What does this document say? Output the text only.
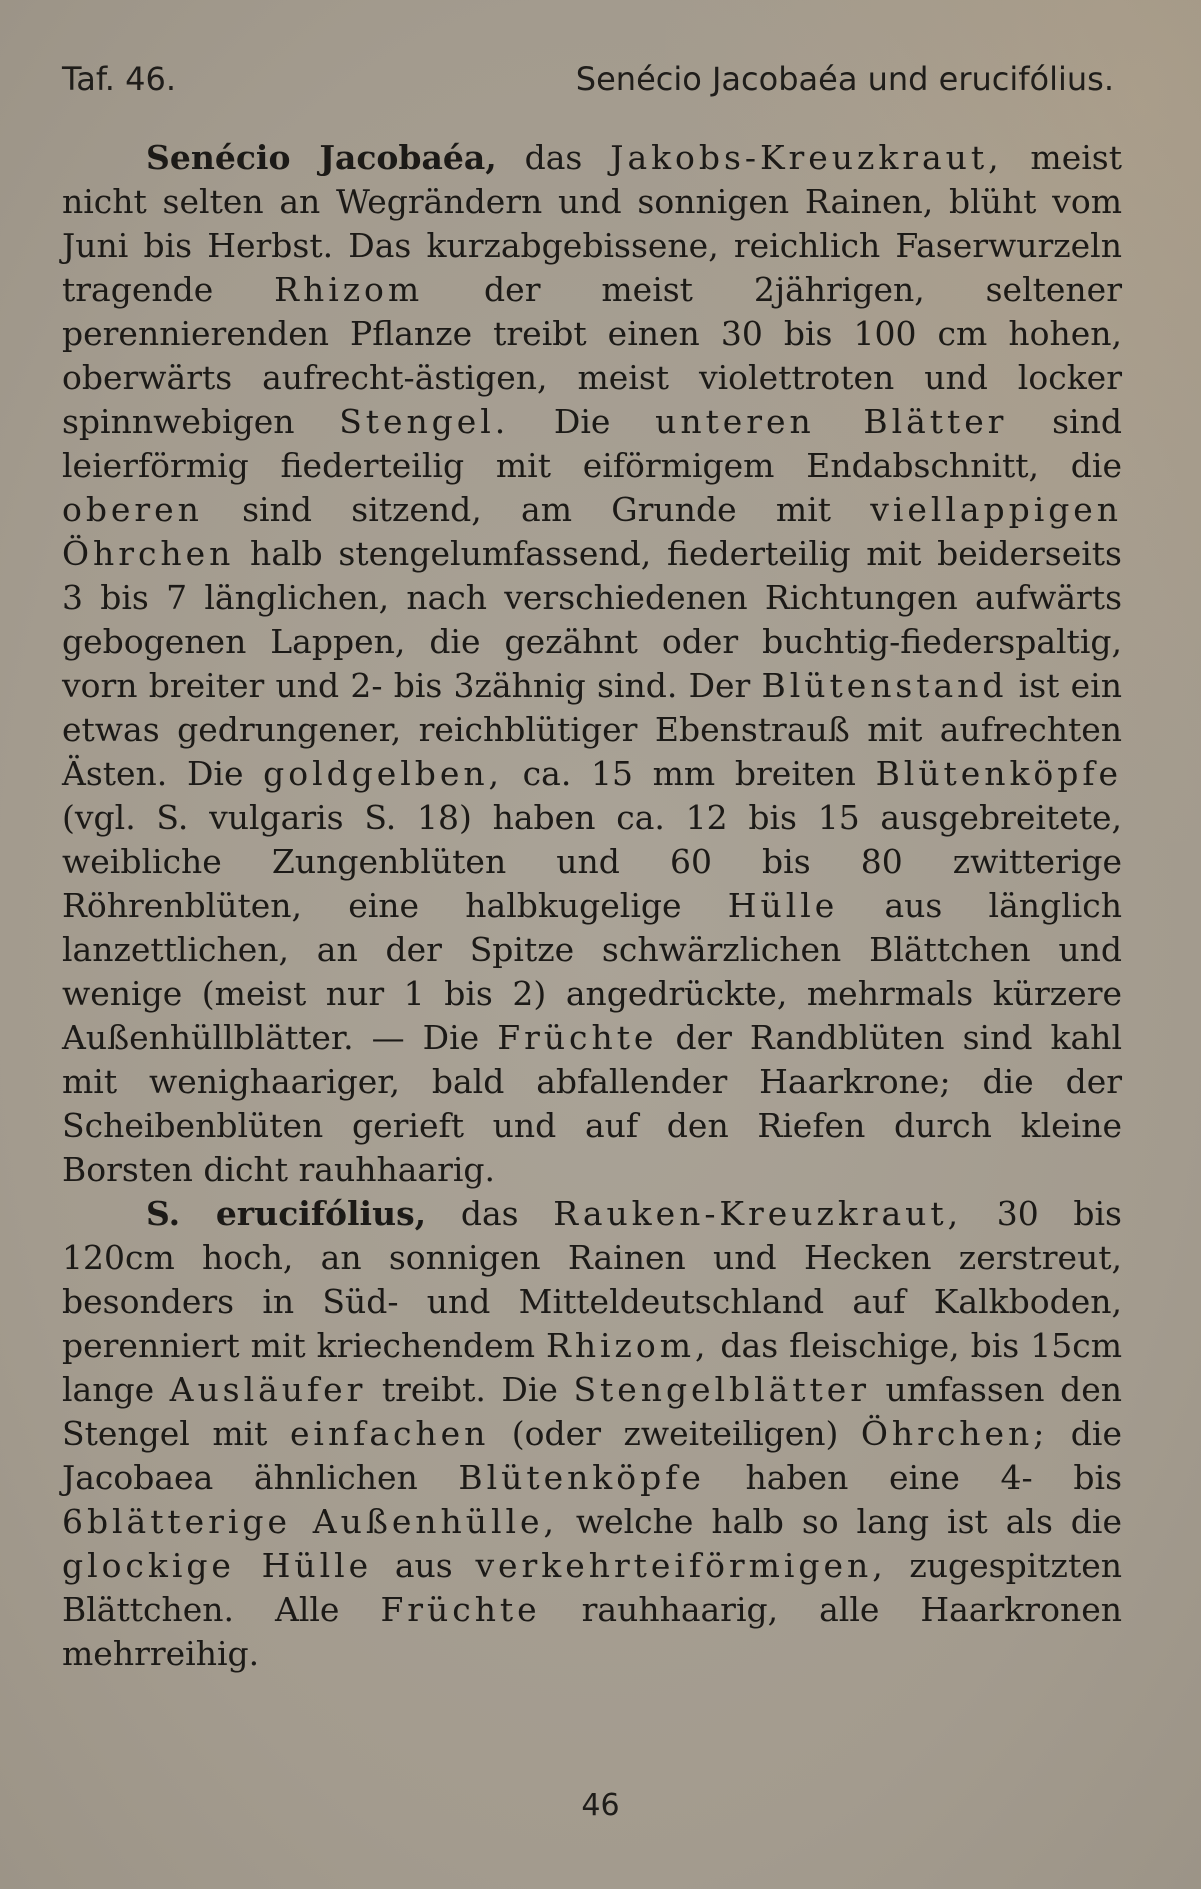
Taf. 46.	Senécio Jacobaéa und erucifólius.

Senécio Jacobaéa, das Jakobs-Kreuzkraut, meist nicht selten an Wegrändern und sonnigen Rainen, blüht vom Juni bis Herbst. Das kurzabgebissene, reichlich Faserwurzeln tragende Rhizom der meist 2jährigen, seltener perennierenden Pflanze treibt einen 30 bis 100 cm hohen, oberwärts aufrecht-ästigen, meist violettroten und locker spinnwebigen Stengel. Die unteren Blätter sind leierförmig fiederteilig mit eiförmigem Endabschnitt, die oberen sind sitzend, am Grunde mit viellappigen Öhrchen halb stengelumfassend, fiederteilig mit beiderseits 3 bis 7 länglichen, nach verschiedenen Richtungen aufwärts gebogenen Lappen, die gezähnt oder buchtig-fiederspaltig, vorn breiter und 2- bis 3zähnig sind. Der Blütenstand ist ein etwas gedrungener, reichblütiger Ebenstrauß mit aufrechten Ästen. Die goldgelben, ca. 15 mm breiten Blütenköpfe (vgl. S. vulgaris S. 18) haben ca. 12 bis 15 ausgebreitete, weibliche Zungenblüten und 60 bis 80 zwitterige Röhrenblüten, eine halbkugelige Hülle aus länglich lanzettlichen, an der Spitze schwärzlichen Blättchen und wenige (meist nur 1 bis 2) angedrückte, mehrmals kürzere Außenhüllblätter. — Die Früchte der Randblüten sind kahl mit wenighaariger, bald abfallender Haarkrone; die der Scheibenblüten gerieft und auf den Riefen durch kleine Borsten dicht rauhhaarig.

S. erucifólius, das Rauken-Kreuzkraut, 30 bis 120cm hoch, an sonnigen Rainen und Hecken zerstreut, besonders in Süd- und Mitteldeutschland auf Kalkboden, perenniert mit kriechendem Rhizom, das fleischige, bis 15cm lange Ausläufer treibt. Die Stengelblätter umfassen den Stengel mit einfachen (oder zweiteiligen) Öhrchen; die Jacobaea ähnlichen Blütenköpfe haben eine 4- bis 6blätterige Außenhülle, welche halb so lang ist als die glockige Hülle aus verkehrteiförmigen, zugespitzten Blättchen. Alle Früchte rauhhaarig, alle Haarkronen mehrreihig.

46
